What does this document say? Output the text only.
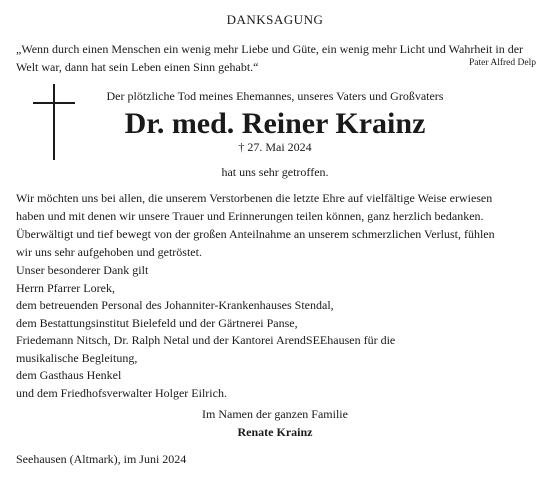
DANKSAGUNG
„Wenn durch einen Menschen ein wenig mehr Liebe und Güte, ein wenig mehr Licht und Wahrheit in der Welt war, dann hat sein Leben einen Sinn gehabt.“	Pater Alfred Delp
Der plötzliche Tod meines Ehemannes, unseres Vaters und Großvaters
Dr. med. Reiner Krainz
† 27. Mai 2024
hat uns sehr getroffen.
Wir möchten uns bei allen, die unserem Verstorbenen die letzte Ehre auf vielfältige Weise erwiesen
haben und mit denen wir unsere Trauer und Erinnerungen teilen können, ganz herzlich bedanken.
Überwältigt und tief bewegt von der großen Anteilnahme an unserem schmerzlichen Verlust, fühlen
wir uns sehr aufgehoben und getröstet.
Unser besonderer Dank gilt
Herrn Pfarrer Lorek,
dem betreuenden Personal des Johanniter-Krankenhauses Stendal,
dem Bestattungsinstitut Bielefeld und der Gärtnerei Panse,
Friedemann Nitsch, Dr. Ralph Netal und der Kantorei ArendSEEhausen für die
musikalische Begleitung,
dem Gasthaus Henkel
und dem Friedhofsverwalter Holger Eilrich.
Im Namen der ganzen Familie
Renate Krainz
Seehausen (Altmark), im Juni 2024
